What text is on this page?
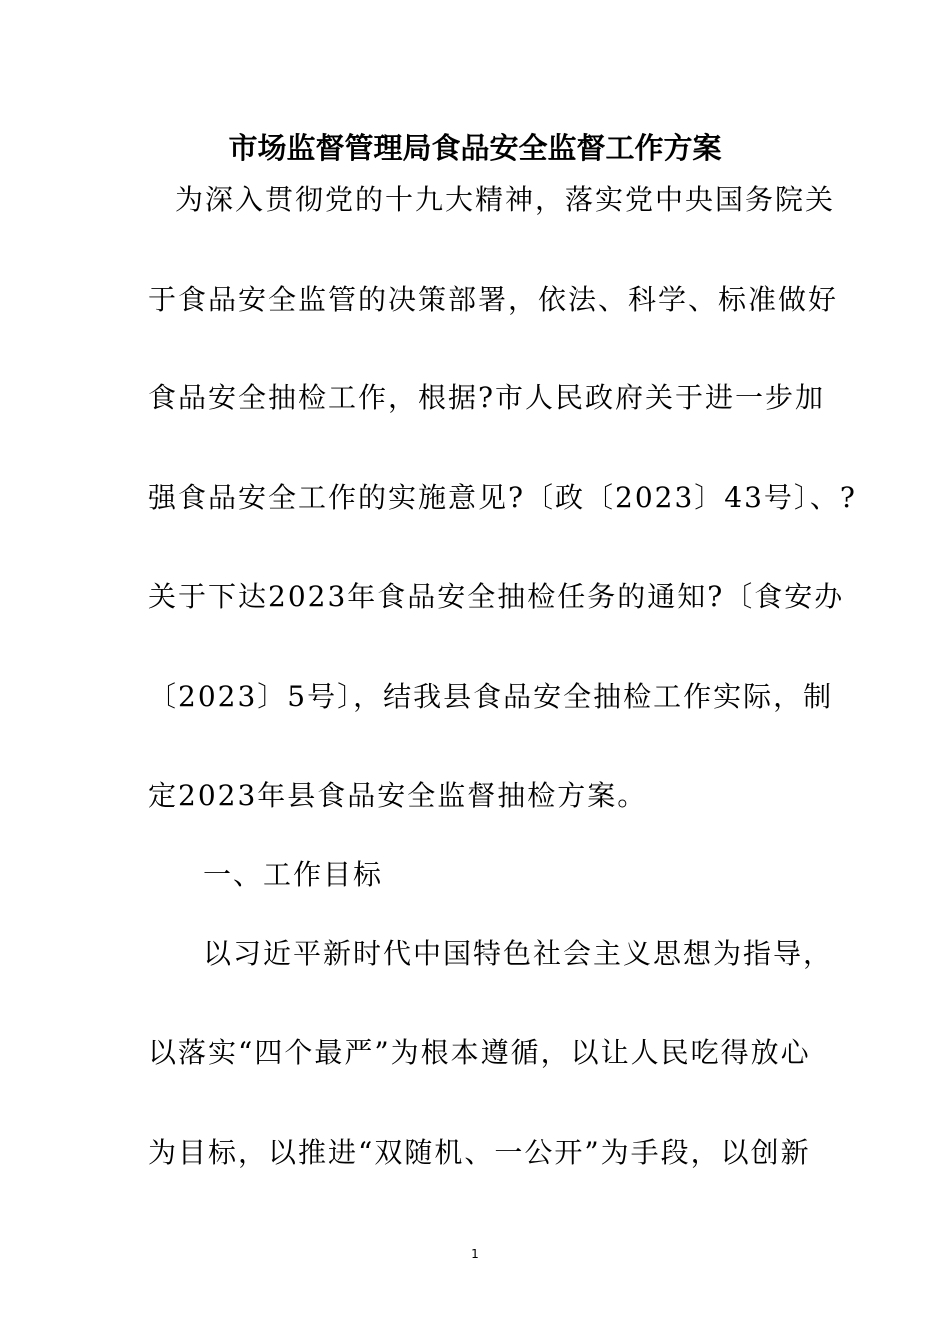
市场监督管理局食品安全监督工作方案

为深入贯彻党的十九大精神，落实党中央国务院关

于食品安全监管的决策部署，依法、科学、标准做好

食品安全抽检工作，根据?市人民政府关于进一步加

强食品安全工作的实施意见?〔政〔2023〕43号〕、?

关于下达2023年食品安全抽检任务的通知?〔食安办

〔2023〕5号〕，结我县食品安全抽检工作实际，制

定2023年县食品安全监督抽检方案。

一、工作目标

以习近平新时代中国特色社会主义思想为指导，

以落实“四个最严”为根本遵循，以让人民吃得放心

为目标，以推进“双随机、一公开”为手段，以创新

1
